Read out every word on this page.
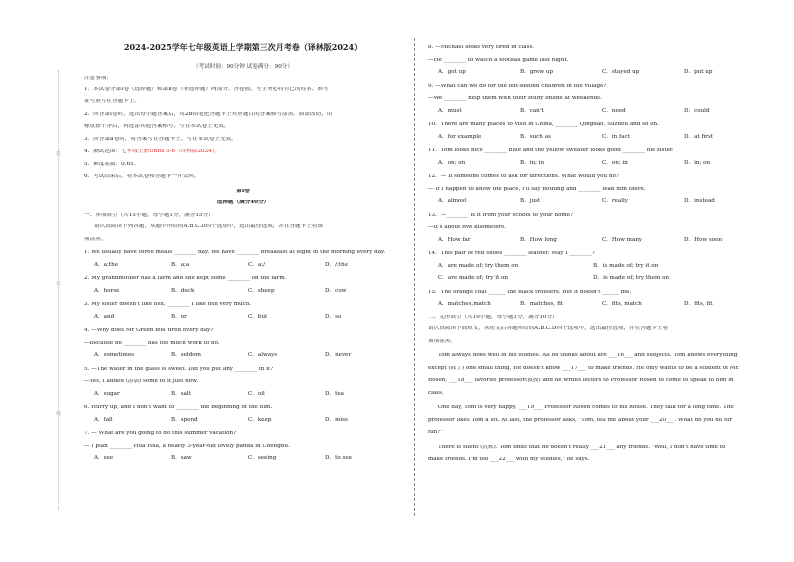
装
订
线
2024-2025学年七年级英语上学期第三次月考卷（译林版2024）
（考试时间：90分钟 试卷满分：90分）
注意事项：
1．本试卷分第Ⅰ卷（选择题）和第Ⅱ卷（非选择题）两部分。答卷前，考生务必将自己的姓名、准考
证号填写在答题卡上。
2．回答第Ⅰ卷时，选出每小题答案后，用2B铅笔把答题卡上对应题目的答案标号涂黑。如需改动，用
橡皮擦干净后，再选涂其他答案标号。写在本试卷上无效。
3．回答第Ⅱ卷时，将答案写在答题卡上。写在本试卷上无效。
4．测试范围：七年级上册Units 5-6（译林版2024）。
5．难度系数：0.65。
6．考试结束后，将本试卷和答题卡一并交回。
第Ⅰ卷
选择题（满分40分）
一、单项填空（共15小题，每小题1分，满分15分）
请认真阅读下列各题，从题中所给的A.B.C.D四个选项中，选出最佳选项，并在答题卡上将该
项涂黑。
1. We usually have three meals ________ day. We have ________ breakfast at eight in the morning every day.
A．a;the	B．a;a	C．a;/	D．/;the
2. My grandmother has a farm and she kept some ________ on the farm.
A．horse	B．duck	C．sheep	D．cow
3. My sister doesn't like fish, ________ I like fish very much.
A．and	B．or	C．but	D．so
4. —Why does Mr Green feel tired every day?
—Because he ________ has too much work to do.
A．sometimes	B．seldom	C．always	D．never
5. —The water in the glass is sweet. Did you put any ________ in it?
—Yes, I added (添加) some to it just now.
A．sugar	B．salt	C．oil	D．tea
6. Hurry up, and I don't want to ________ the beginning of the film.
A．fall	B．spend	C．keep	D．miss
7. — What are you going to do this summer vacation?
— I plan ________ Hua Hua, a nearly 3-year-old lovely panda in Chengdu.
A．see	B．saw	C．seeing	D．to see
8. —Michael looks very tired in class.
—He ________ to watch a football game last night.
A．got up	B．grew up	C．stayed up	D．put up
9. —What can we do for the left-behind children in the village?
—We ________ help them with their study online at weekends.
A．must	B．can't	C．need	D．could
10．There are many places to visit in China, ________ Qingdao, Suzhou and so on.
A．for example	B．such as	C．in fact	D．at first
11．Tom looks nice ________ blue and the yellow sweater looks good ________ his sister.
A．on; on	B．in; in	C．on; in	D．in; on
12．— If someone comes to ask for directions. What would you do?
— If I happen to know the place, I'll say nothing and ________ lead him there.
A．almost	B．just	C．really	D．instead
13．—________ is it from your school to your home?
—It's about five kilometers.
A．How far	B．How long	C．How many	D．How soon
14．This pair of red shoes ________ leather. May I ________?
A．are made of; try them on	B．is made of; try it on
C．are made of; try it on	D．is made of; try them on
15．The orange coat ______ the black trousers. But it doesn't ______ me.
A．matches,match	B．matches, fit	C．fits, match	D．fits, fit
二、完形填空（共10小题，每小题1分，满分10分）
请认真阅读下面短文，从短文后各题所给的A.B.C.D四个选项中，选出最佳选项，并在答题卡上将
该项涂黑。
Tom always does well in his studies. All he thinks about are ___16___ and subjects. Tom knows everything
except (除了) one small thing. He doesn't know ___17___ to make friends. He only wants to be a student of Mr.
Rosen, ___18___ favorite professor(教授) and he writes letters to Professor Rosen to come to speak to him in
class.
One day, Tom is very happy, ___19___ Professor Rosen comes to his house. They talk for a long time. The
professor likes Tom a lot. At last, the professor asks, "Tom, tell me about your ___20___. What do you do for
fun?"
There is silent (沉默). Tom finds that he doesn't really ___21___ any friends. "Well, I don't have time to
make friends. I'm too ___22___ with my studies," he says.
